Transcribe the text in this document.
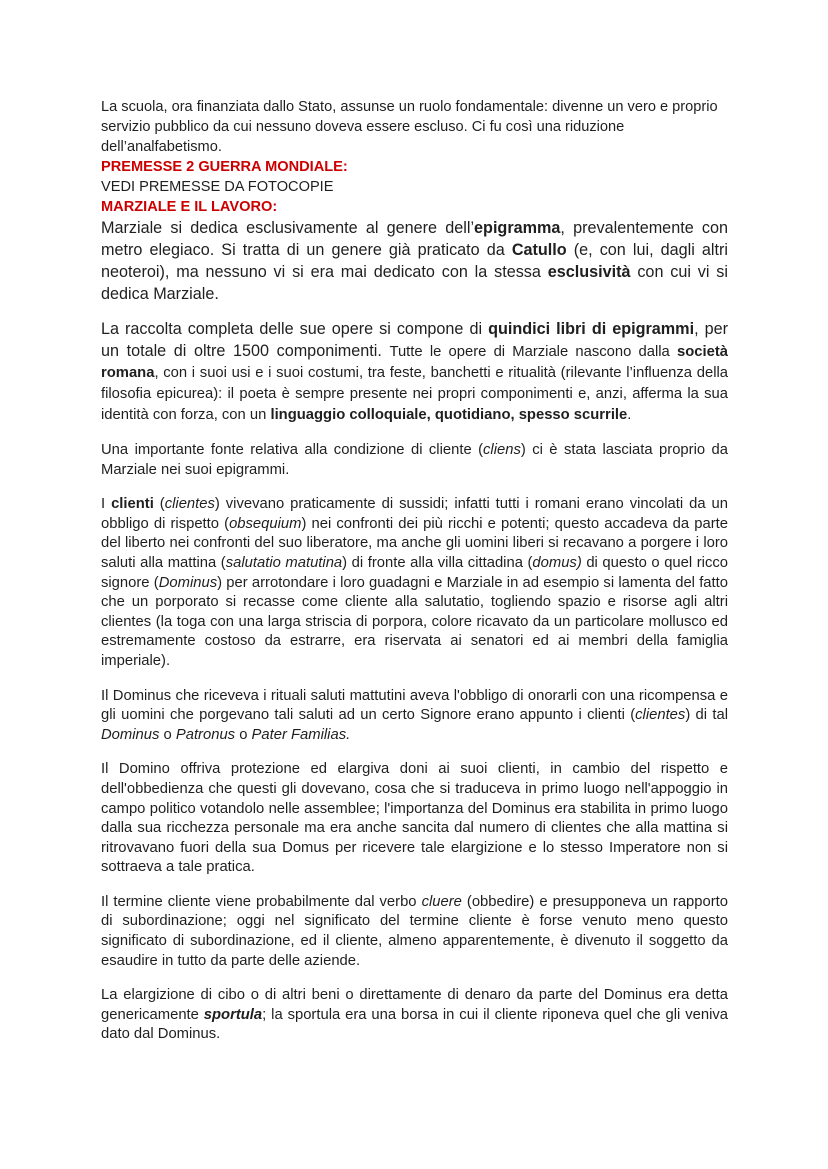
La scuola, ora finanziata dallo Stato, assunse un ruolo fondamentale: divenne un vero e proprio servizio pubblico da cui nessuno doveva essere escluso. Ci fu così una riduzione dell’analfabetismo.

PREMESSE 2 GUERRA MONDIALE:

VEDI PREMESSE DA FOTOCOPIE

MARZIALE E IL LAVORO:

Marziale si dedica esclusivamente al genere dell’epigramma, prevalentemente con metro elegiaco. Si tratta di un genere già praticato da Catullo (e, con lui, dagli altri neoteroi), ma nessuno vi si era mai dedicato con la stessa esclusività con cui vi si dedica Marziale.

La raccolta completa delle sue opere si compone di quindici libri di epigrammi, per un totale di oltre 1500 componimenti. Tutte le opere di Marziale nascono dalla società romana, con i suoi usi e i suoi costumi, tra feste, banchetti e ritualità (rilevante l’influenza della filosofia epicurea): il poeta è sempre presente nei propri componimenti e, anzi, afferma la sua identità con forza, con un linguaggio colloquiale, quotidiano, spesso scurrile.

Una importante fonte relativa alla condizione di cliente (cliens) ci è stata lasciata proprio da Marziale nei suoi epigrammi.

I clienti (clientes) vivevano praticamente di sussidi; infatti tutti i romani erano vincolati da un obbligo di rispetto (obsequium) nei confronti dei più ricchi e potenti; questo accadeva da parte del liberto nei confronti del suo liberatore, ma anche gli uomini liberi si recavano a porgere i loro saluti alla mattina (salutatio matutina) di fronte alla villa cittadina (domus) di questo o quel ricco signore (Dominus) per arrotondare i loro guadagni e Marziale in ad esempio si lamenta del fatto che un porporato si recasse come cliente alla salutatio, togliendo spazio e risorse agli altri clientes (la toga con una larga striscia di porpora, colore ricavato da un particolare mollusco ed estremamente costoso da estrarre, era riservata ai senatori ed ai membri della famiglia imperiale).

Il Dominus che riceveva i rituali saluti mattutini aveva l'obbligo di onorarli con una ricompensa e gli uomini che porgevano tali saluti ad un certo Signore erano appunto i clienti (clientes) di tal Dominus o Patronus o Pater Familias.

Il Domino offriva protezione ed elargiva doni ai suoi clienti, in cambio del rispetto e dell'obbedienza che questi gli dovevano, cosa che si traduceva in primo luogo nell'appoggio in campo politico votandolo nelle assemblee; l'importanza del Dominus era stabilita in primo luogo dalla sua ricchezza personale ma era anche sancita dal numero di clientes che alla mattina si ritrovavano fuori della sua Domus per ricevere tale elargizione e lo stesso Imperatore non si sottraeva a tale pratica.

Il termine cliente viene probabilmente dal verbo cluere (obbedire) e presupponeva un rapporto di subordinazione; oggi nel significato del termine cliente è forse venuto meno questo significato di subordinazione, ed il cliente, almeno apparentemente, è divenuto il soggetto da esaudire in tutto da parte delle aziende.

La elargizione di cibo o di altri beni o direttamente di denaro da parte del Dominus era detta genericamente sportula; la sportula era una borsa in cui il cliente riponeva quel che gli veniva dato dal Dominus.
